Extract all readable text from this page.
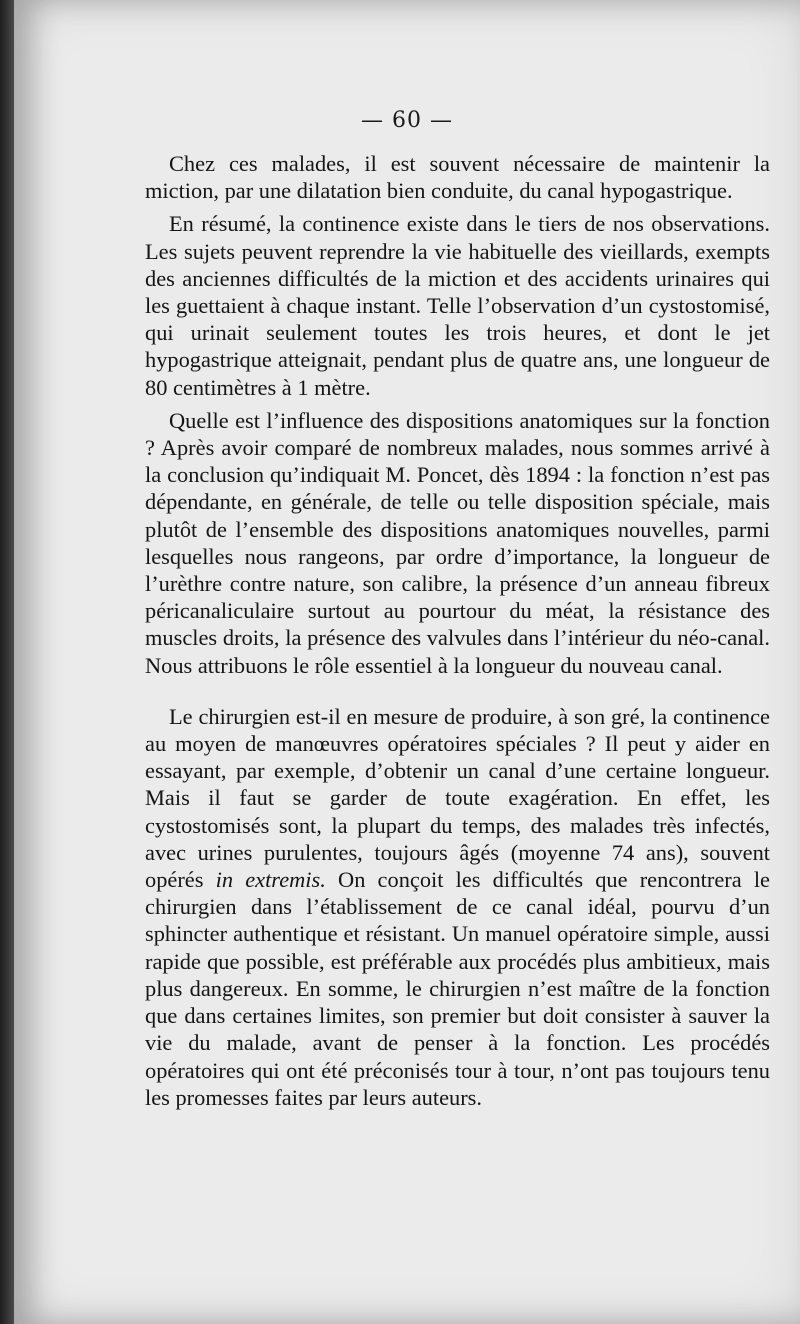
— 60 —

Chez ces malades, il est souvent nécessaire de maintenir la miction, par une dilatation bien conduite, du canal hypogastrique.

En résumé, la continence existe dans le tiers de nos observations. Les sujets peuvent reprendre la vie habituelle des vieillards, exempts des anciennes difficultés de la miction et des accidents urinaires qui les guettaient à chaque instant. Telle l’observation d’un cystostomisé, qui urinait seulement toutes les trois heures, et dont le jet hypogastrique atteignait, pendant plus de quatre ans, une longueur de 80 centimètres à 1 mètre.

Quelle est l’influence des dispositions anatomiques sur la fonction ? Après avoir comparé de nombreux malades, nous sommes arrivé à la conclusion qu’indiquait M. Poncet, dès 1894 : la fonction n’est pas dépendante, en générale, de telle ou telle disposition spéciale, mais plutôt de l’ensemble des dispositions anatomiques nouvelles, parmi lesquelles nous rangeons, par ordre d’importance, la longueur de l’urèthre contre nature, son calibre, la présence d’un anneau fibreux péricanaliculaire surtout au pourtour du méat, la résistance des muscles droits, la présence des valvules dans l’intérieur du néo-canal. Nous attribuons le rôle essentiel à la longueur du nouveau canal.

Le chirurgien est-il en mesure de produire, à son gré, la continence au moyen de manœuvres opératoires spéciales ? Il peut y aider en essayant, par exemple, d’obtenir un canal d’une certaine longueur. Mais il faut se garder de toute exagération. En effet, les cystostomisés sont, la plupart du temps, des malades très infectés, avec urines purulentes, toujours âgés (moyenne 74 ans), souvent opérés in extremis. On conçoit les difficultés que rencontrera le chirurgien dans l’établissement de ce canal idéal, pourvu d’un sphincter authentique et résistant. Un manuel opératoire simple, aussi rapide que possible, est préférable aux procédés plus ambitieux, mais plus dangereux. En somme, le chirurgien n’est maître de la fonction que dans certaines limites, son premier but doit consister à sauver la vie du malade, avant de penser à la fonction. Les procédés opératoires qui ont été préconisés tour à tour, n’ont pas toujours tenu les promesses faites par leurs auteurs.
